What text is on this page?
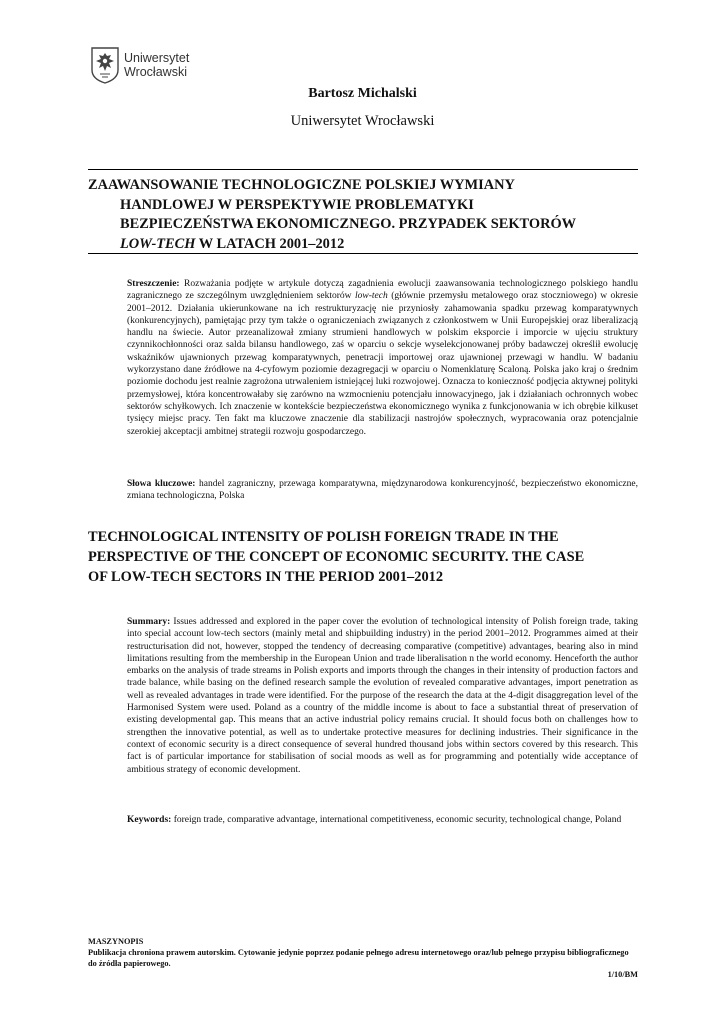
Uniwersytet
Wrocławski
Bartosz Michalski
Uniwersytet Wrocławski
ZAAWANSOWANIE TECHNOLOGICZNE POLSKIEJ WYMIANY
HANDLOWEJ W PERSPEKTYWIE PROBLEMATYKI
BEZPIECZEŃSTWA EKONOMICZNEGO. PRZYPADEK SEKTORÓW
LOW-TECH W LATACH 2001–2012
Streszczenie: Rozważania podjęte w artykule dotyczą zagadnienia ewolucji zaawansowania technologicznego polskiego handlu zagranicznego ze szczególnym uwzględnieniem sektorów low-tech (głównie przemysłu metalowego oraz stoczniowego) w okresie 2001–2012. Działania ukierunkowane na ich restrukturyzację nie przyniosły zahamowania spadku przewag komparatywnych (konkurencyjnych), pamiętając przy tym także o ograniczeniach związanych z członkostwem w Unii Europejskiej oraz liberalizacją handlu na świecie. Autor przeanalizował zmiany strumieni handlowych w polskim eksporcie i imporcie w ujęciu struktury czynnikochłonności oraz salda bilansu handlowego, zaś w oparciu o sekcje wyselekcjonowanej próby badawczej określił ewolucję wskaźników ujawnionych przewag komparatywnych, penetracji importowej oraz ujawnionej przewagi w handlu. W badaniu wykorzystano dane źródłowe na 4-cyfowym poziomie dezagregacji w oparciu o Nomenklaturę Scaloną. Polska jako kraj o średnim poziomie dochodu jest realnie zagrożona utrwaleniem istniejącej luki rozwojowej. Oznacza to konieczność podjęcia aktywnej polityki przemysłowej, która koncentrowałaby się zarówno na wzmocnieniu potencjału innowacyjnego, jak i działaniach ochronnych wobec sektorów schyłkowych. Ich znaczenie w kontekście bezpieczeństwa ekonomicznego wynika z funkcjonowania w ich obrębie kilkuset tysięcy miejsc pracy. Ten fakt ma kluczowe znaczenie dla stabilizacji nastrojów społecznych, wypracowania oraz potencjalnie szerokiej akceptacji ambitnej strategii rozwoju gospodarczego.
Słowa kluczowe: handel zagraniczny, przewaga komparatywna, międzynarodowa konkurencyjność, bezpieczeństwo ekonomiczne, zmiana technologiczna, Polska
TECHNOLOGICAL INTENSITY OF POLISH FOREIGN TRADE IN THE
PERSPECTIVE OF THE CONCEPT OF ECONOMIC SECURITY. THE CASE
OF LOW-TECH SECTORS IN THE PERIOD 2001–2012
Summary: Issues addressed and explored in the paper cover the evolution of technological intensity of Polish foreign trade, taking into special account low-tech sectors (mainly metal and shipbuilding industry) in the period 2001–2012. Programmes aimed at their restructurisation did not, however, stopped the tendency of decreasing comparative (competitive) advantages, bearing also in mind limitations resulting from the membership in the European Union and trade liberalisation n the world economy. Henceforth the author embarks on the analysis of trade streams in Polish exports and imports through the changes in their intensity of production factors and trade balance, while basing on the defined research sample the evolution of revealed comparative advantages, import penetration as well as revealed advantages in trade were identified. For the purpose of the research the data at the 4-digit disaggregation level of the Harmonised System were used. Poland as a country of the middle income is about to face a substantial threat of preservation of existing developmental gap. This means that an active industrial policy remains crucial. It should focus both on challenges how to strengthen the innovative potential, as well as to undertake protective measures for declining industries. Their significance in the context of economic security is a direct consequence of several hundred thousand jobs within sectors covered by this research. This fact is of particular importance for stabilisation of social moods as well as for programming and potentially wide acceptance of ambitious strategy of economic development.
Keywords: foreign trade, comparative advantage, international competitiveness, economic security, technological change, Poland
MASZYNOPIS
Publikacja chroniona prawem autorskim. Cytowanie jedynie poprzez podanie pełnego adresu internetowego oraz/lub pełnego przypisu bibliograficznego do źródła papierowego.
1/10/BM
